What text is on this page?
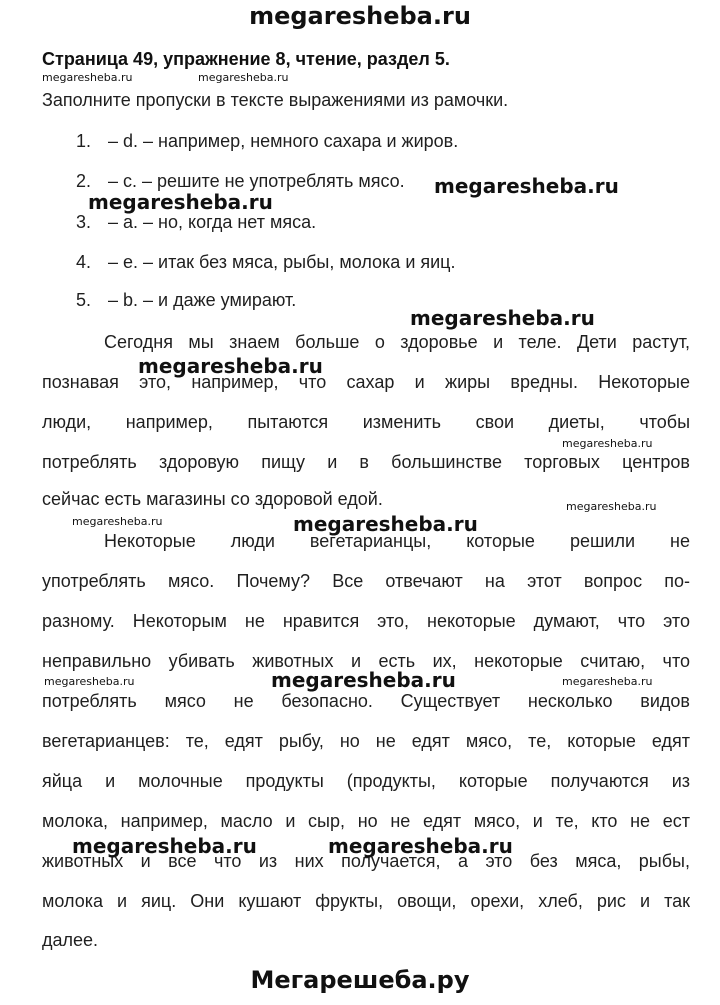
megaresheba.ru
Страница 49, упражнение 8, чтение, раздел 5.
Заполните пропуски в тексте выражениями из рамочки.
1. – d. – например, немного сахара и жиров.
2. – c. – решите не употреблять мясо.
3. – a. – но, когда нет мяса.
4. – e. – итак без мяса, рыбы, молока и яиц.
5. – b. – и даже умирают.
Сегодня мы знаем больше о здоровье и теле. Дети растут,
познавая это, например, что сахар и жиры вредны. Некоторые
люди, например, пытаются изменить свои диеты, чтобы
потреблять здоровую пищу и в большинстве торговых центров
сейчас есть магазины со здоровой едой.
Некоторые люди вегетарианцы, которые решили не
употреблять мясо. Почему? Все отвечают на этот вопрос по-
разному. Некоторым не нравится это, некоторые думают, что это
неправильно убивать животных и есть их, некоторые считаю, что
потреблять мясо не безопасно. Существует несколько видов
вегетарианцев: те, едят рыбу, но не едят мясо, те, которые едят
яйца и молочные продукты (продукты, которые получаются из
молока, например, масло и сыр, но не едят мясо, и те, кто не ест
животных и все что из них получается, а это без мяса, рыбы,
молока и яиц. Они кушают фрукты, овощи, орехи, хлеб, рис и так
далее.
megaresheba.ru	megaresheba.ru
megaresheba.ru
megaresheba.ru
megaresheba.ru
megaresheba.ru
megaresheba.ru
megaresheba.ru
megaresheba.ru	megaresheba.ru
megaresheba.ru
megaresheba.ru	megaresheba.ru
megaresheba.ru	megaresheba.ru
Мегарешеба.ру
